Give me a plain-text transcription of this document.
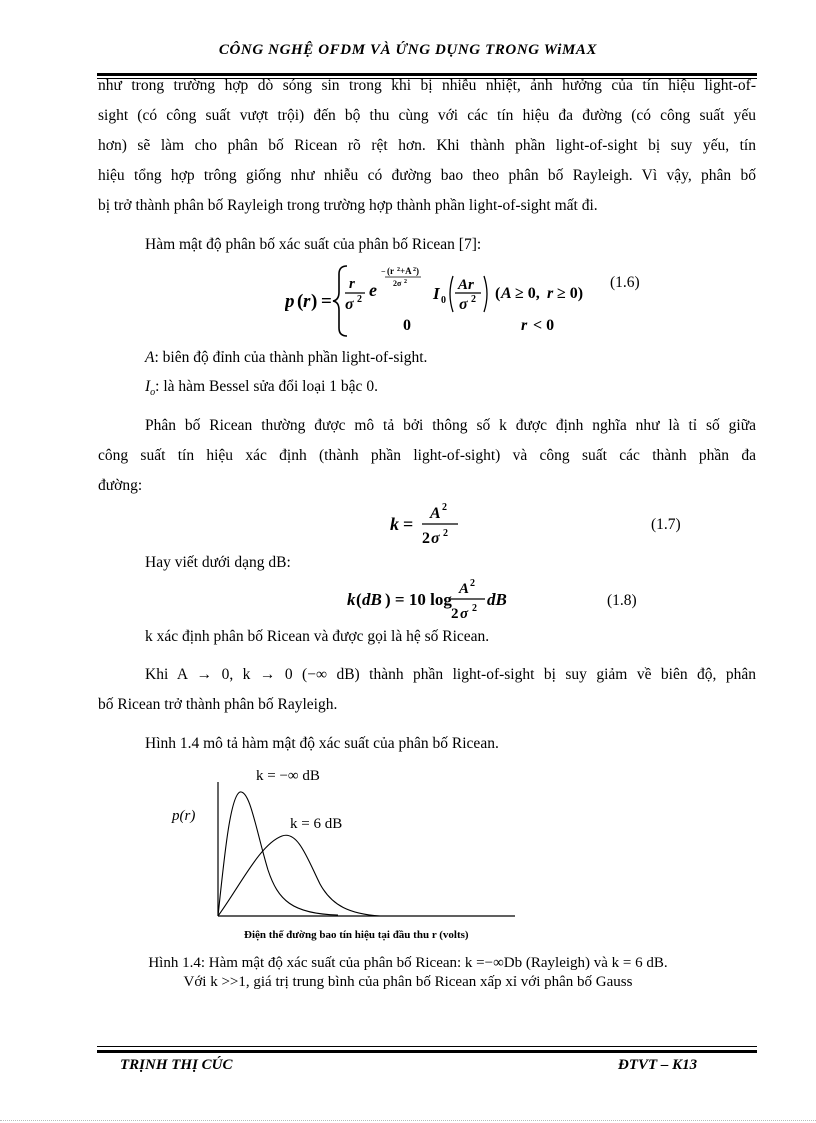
CÔNG NGHỆ OFDM VÀ ỨNG DỤNG TRONG WiMAX
như trong trường hợp dò sóng sin trong khi bị nhiễu nhiệt, ảnh hưởng của tín hiệu light-of-
sight (có công suất vượt trội) đến bộ thu cùng với các tín hiệu đa đường (có công suất yếu
hơn) sẽ làm cho phân bố Ricean rõ rệt hơn. Khi thành phần light-of-sight bị suy yếu, tín
hiệu tổng hợp trông giống như nhiễu có đường bao theo phân bố Rayleigh. Vì vậy, phân bố
bị trở thành phân bố Rayleigh trong trường hợp thành phần light-of-sight mất đi.
Hàm mật độ phân bố xác suất của phân bố Ricean [7]:
p ( r ) =
r
σ 2 e
− (r 2 +A 2 )
2σ 2
I 0
Ar
σ 2 ( A ≥ 0, r ≥ 0)
0	r < 0
(1.6)
A: biên độ đỉnh của thành phần light-of-sight.
$I_o$: là hàm Bessel sửa đổi loại 1 bậc 0.
Phân bố Ricean thường được mô tả bởi thông số k được định nghĩa như là tỉ số giữa
công suất tín hiệu xác định (thành phần light-of-sight) và công suất các thành phần đa
đường:
k =
A 2
2 σ 2
(1.7)
Hay viết dưới dạng dB:
k ( dB ) = 10 log
A 2
2 σ 2 dB	(1.8)
k xác định phân bố Ricean và được gọi là hệ số Ricean.
Khi A → 0, k → 0 (−∞ dB) thành phần light-of-sight bị suy giảm về biên độ, phân
bố Ricean trở thành phân bố Rayleigh.
Hình 1.4 mô tả hàm mật độ xác suất của phân bố Ricean.
p(r)
k = −∞ dB
k = 6 dB
Điện thế đường bao tín hiệu tại đầu thu r (volts)
Hình 1.4: Hàm mật độ xác suất của phân bố Ricean: k =−∞Db (Rayleigh) và k = 6 dB.
Với k >>1, giá trị trung bình của phân bố Ricean xấp xỉ với phân bố Gauss
TRỊNH THỊ CÚC	ĐTVT – K13
